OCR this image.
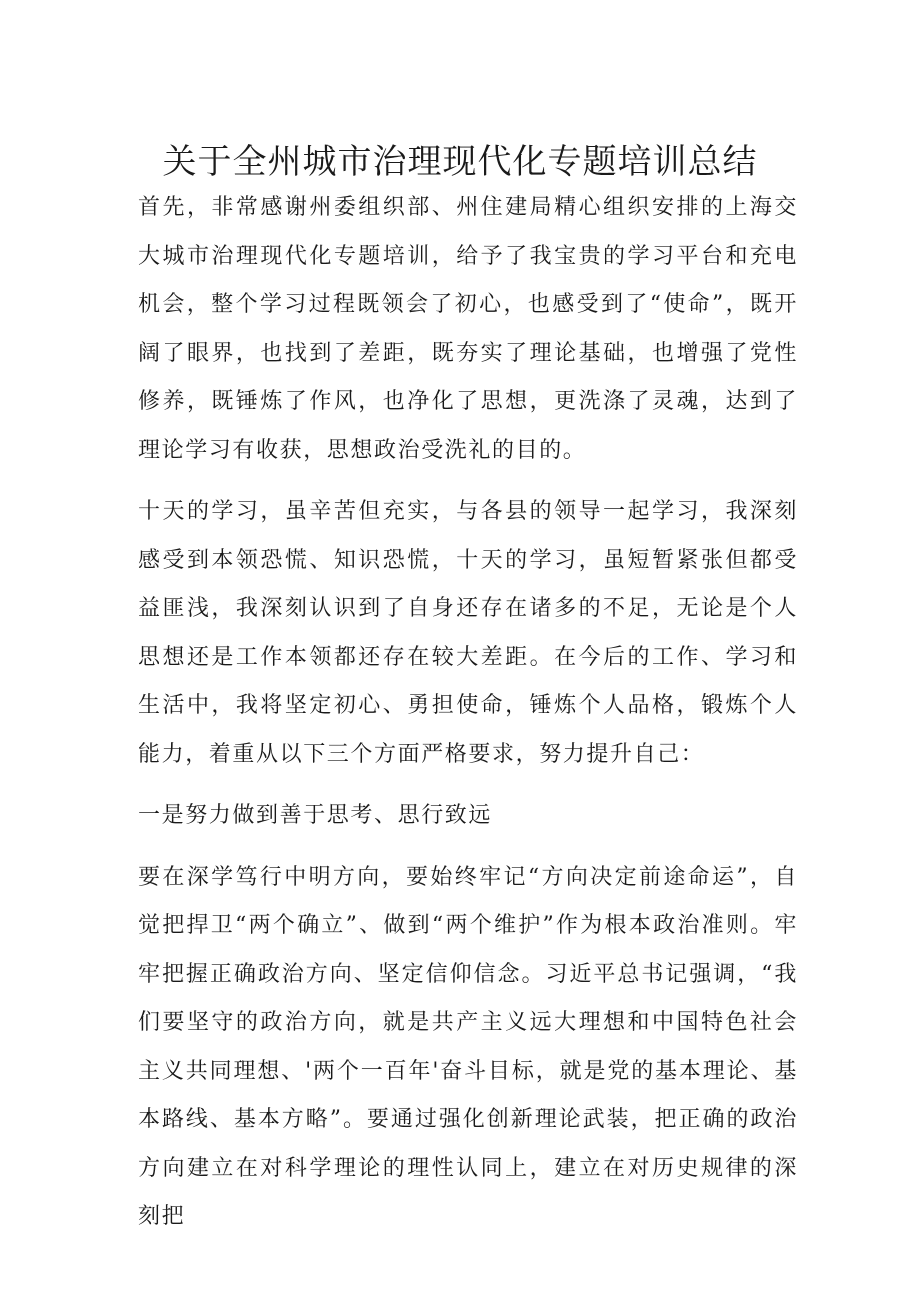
关于全州城市治理现代化专题培训总结

首先，非常感谢州委组织部、州住建局精心组织安排的上海交大城市治理现代化专题培训，给予了我宝贵的学习平台和充电机会，整个学习过程既领会了初心，也感受到了“使命”，既开阔了眼界，也找到了差距，既夯实了理论基础，也增强了党性修养，既锤炼了作风，也净化了思想，更洗涤了灵魂，达到了理论学习有收获，思想政治受洗礼的目的。

十天的学习，虽辛苦但充实，与各县的领导一起学习，我深刻感受到本领恐慌、知识恐慌，十天的学习，虽短暂紧张但都受益匪浅，我深刻认识到了自身还存在诸多的不足，无论是个人思想还是工作本领都还存在较大差距。在今后的工作、学习和生活中，我将坚定初心、勇担使命，锤炼个人品格，锻炼个人能力，着重从以下三个方面严格要求，努力提升自己：

一是努力做到善于思考、思行致远

要在深学笃行中明方向，要始终牢记“方向决定前途命运”，自觉把捍卫“两个确立”、做到“两个维护”作为根本政治准则。牢牢把握正确政治方向、坚定信仰信念。习近平总书记强调，“我们要坚守的政治方向，就是共产主义远大理想和中国特色社会主义共同理想、'两个一百年'奋斗目标，就是党的基本理论、基本路线、基本方略”。要通过强化创新理论武装，把正确的政治方向建立在对科学理论的理性认同上，建立在对历史规律的深刻把
